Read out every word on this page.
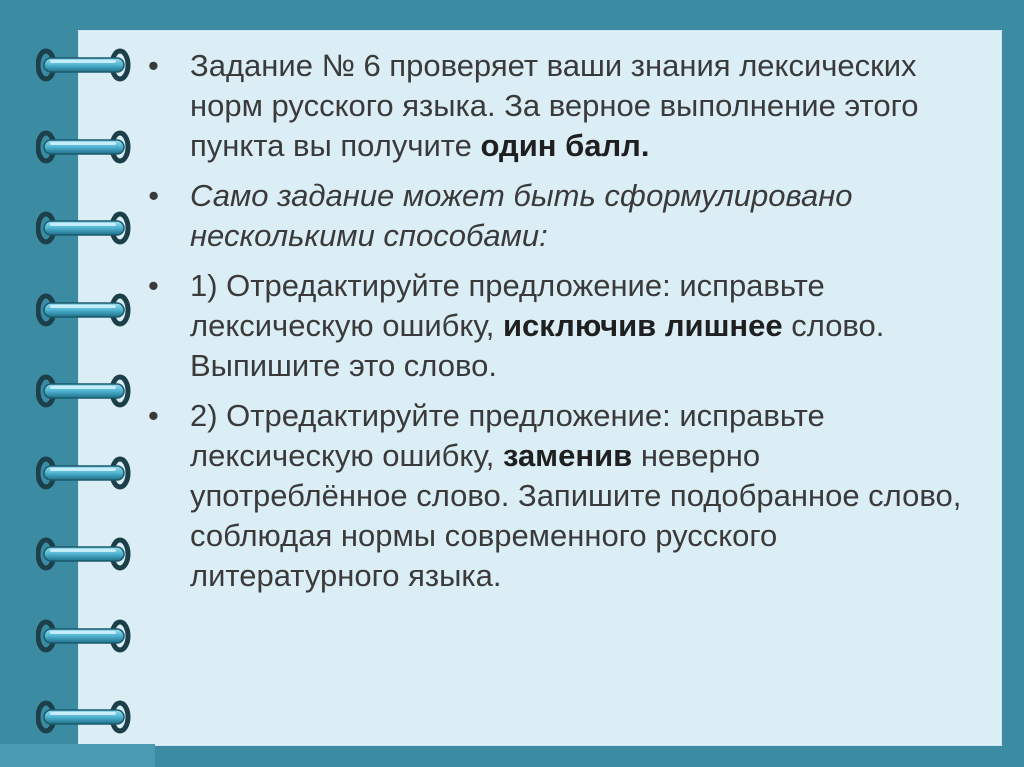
•	Задание № 6 проверяет ваши знания лексических норм русского языка. За верное выполнение этого пункта вы получите один балл.
•	Само задание может быть сформулировано несколькими способами:
•	1) Отредактируйте предложение: исправьте лексическую ошибку, исключив лишнее слово. Выпишите это слово.
•	2) Отредактируйте предложение: исправьте лексическую ошибку, заменив неверно употреблённое слово. Запишите подобранное слово, соблюдая нормы современного русского литературного языка.
